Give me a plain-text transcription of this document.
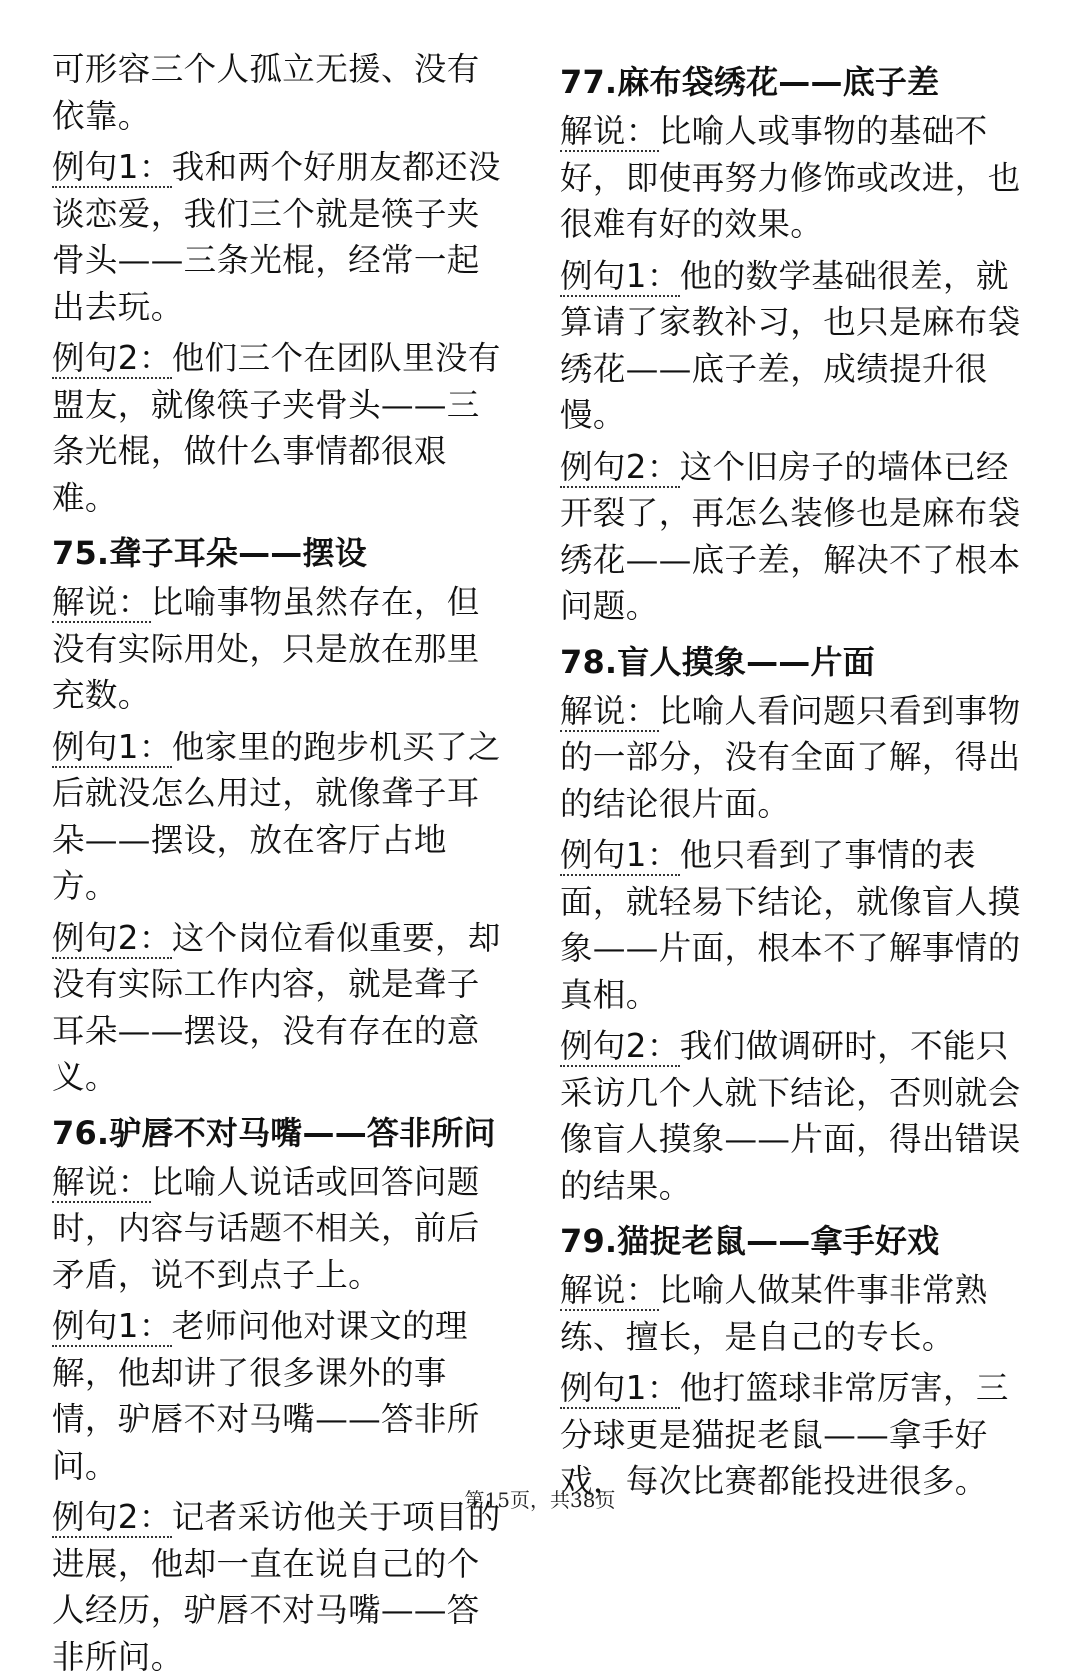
可形容三个人孤立无援、没有依靠。

例句1：我和两个好朋友都还没谈恋爱，我们三个就是筷子夹骨头——三条光棍，经常一起出去玩。

例句2：他们三个在团队里没有盟友，就像筷子夹骨头——三条光棍，做什么事情都很艰难。

75.聋子耳朵——摆设

解说：比喻事物虽然存在，但没有实际用处，只是放在那里充数。

例句1：他家里的跑步机买了之后就没怎么用过，就像聋子耳朵——摆设，放在客厅占地方。

例句2：这个岗位看似重要，却没有实际工作内容，就是聋子耳朵——摆设，没有存在的意义。

76.驴唇不对马嘴——答非所问

解说：比喻人说话或回答问题时，内容与话题不相关，前后矛盾，说不到点子上。

例句1：老师问他对课文的理解，他却讲了很多课外的事情，驴唇不对马嘴——答非所问。

例句2：记者采访他关于项目的进展，他却一直在说自己的个人经历，驴唇不对马嘴——答非所问。

77.麻布袋绣花——底子差

解说：比喻人或事物的基础不好，即使再努力修饰或改进，也很难有好的效果。

例句1：他的数学基础很差，就算请了家教补习，也只是麻布袋绣花——底子差，成绩提升很慢。

例句2：这个旧房子的墙体已经开裂了，再怎么装修也是麻布袋绣花——底子差，解决不了根本问题。

78.盲人摸象——片面

解说：比喻人看问题只看到事物的一部分，没有全面了解，得出的结论很片面。

例句1：他只看到了事情的表面，就轻易下结论，就像盲人摸象——片面，根本不了解事情的真相。

例句2：我们做调研时，不能只采访几个人就下结论，否则就会像盲人摸象——片面，得出错误的结果。

79.猫捉老鼠——拿手好戏

解说：比喻人做某件事非常熟练、擅长，是自己的专长。

例句1：他打篮球非常厉害，三分球更是猫捉老鼠——拿手好戏，每次比赛都能投进很多。

第15页，共38页
